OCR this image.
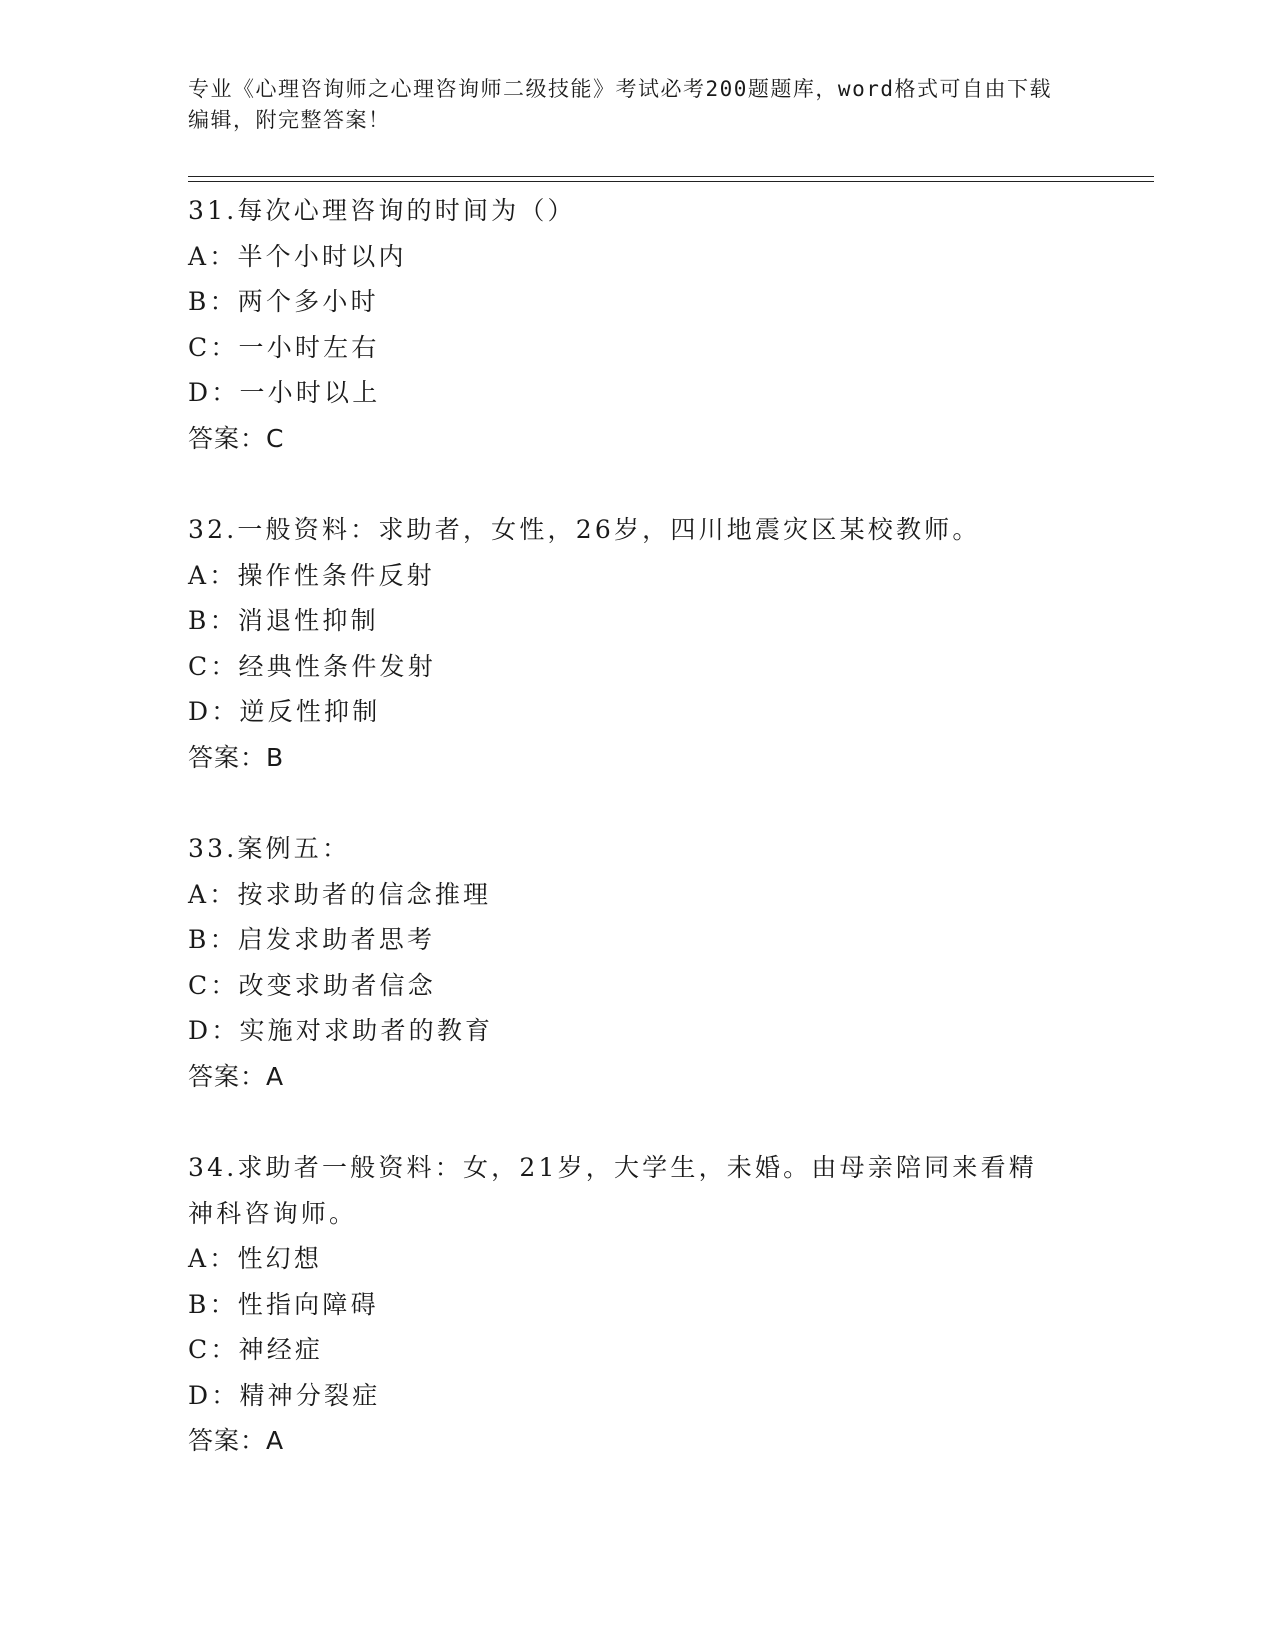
专业《心理咨询师之心理咨询师二级技能》考试必考200题题库，word格式可自由下载编辑，附完整答案！
31.每次心理咨询的时间为（）
A：半个小时以内
B：两个多小时
C：一小时左右
D：一小时以上
答案：C
32.一般资料：求助者，女性，26岁，四川地震灾区某校教师。
A：操作性条件反射
B：消退性抑制
C：经典性条件发射
D：逆反性抑制
答案：B
33.案例五：
A：按求助者的信念推理
B：启发求助者思考
C：改变求助者信念
D：实施对求助者的教育
答案：A
34.求助者一般资料：女，21岁，大学生，未婚。由母亲陪同来看精神科咨询师。
A：性幻想
B：性指向障碍
C：神经症
D：精神分裂症
答案：A
